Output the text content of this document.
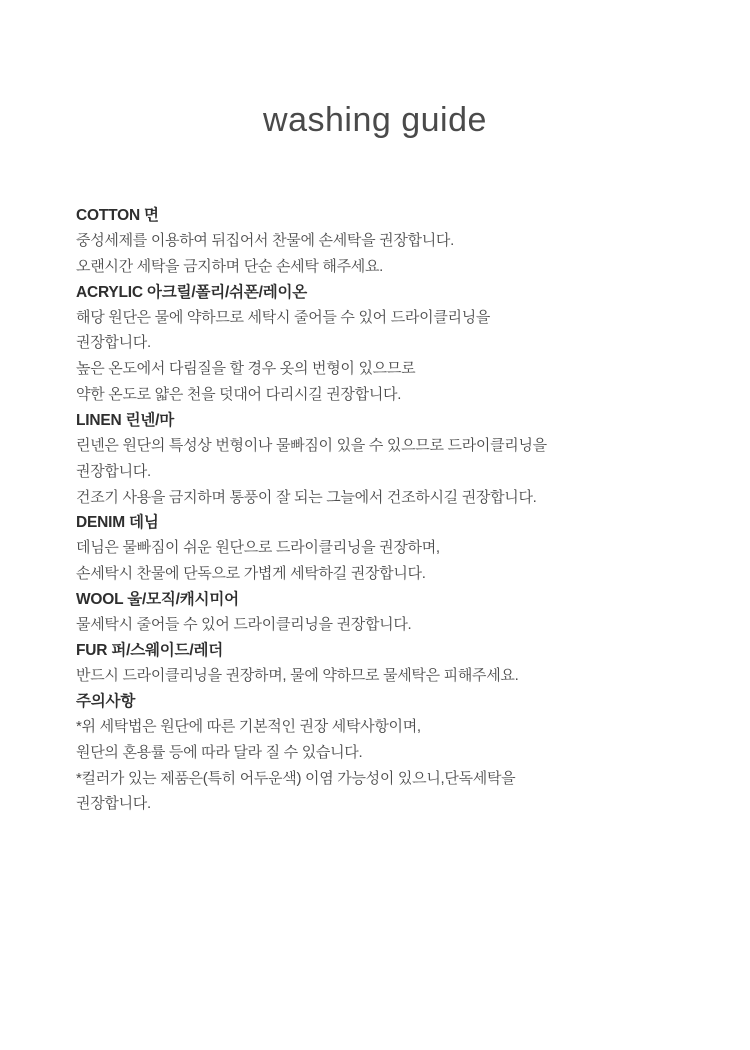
washing guide
COTTON 면
중성세제를 이용하여 뒤집어서 찬물에 손세탁을 권장합니다.
오랜시간 세탁을 금지하며 단순 손세탁 해주세요.
ACRYLIC 아크릴/폴리/쉬폰/레이온
해당 원단은 물에 약하므로 세탁시 줄어들 수 있어 드라이클리닝을
권장합니다.
높은 온도에서 다림질을 할 경우 옷의 번형이 있으므로
약한 온도로 얇은 천을 덧대어 다리시길 권장합니다.
LINEN 린넨/마
린넨은 원단의 특성상 번형이나 물빠짐이 있을 수 있으므로 드라이클리닝을
권장합니다.
건조기 사용을 금지하며 통풍이 잘 되는 그늘에서 건조하시길 권장합니다.
DENIM 데님
데님은 물빠짐이 쉬운 원단으로 드라이클리닝을 권장하며,
손세탁시 찬물에 단독으로 가볍게 세탁하길 권장합니다.
WOOL 울/모직/캐시미어
물세탁시 줄어들 수 있어 드라이클리닝을 권장합니다.
FUR 퍼/스웨이드/레더
반드시 드라이클리닝을 권장하며, 물에 약하므로 물세탁은 피해주세요.
주의사항
*위 세탁법은 원단에 따른 기본적인 권장 세탁사항이며,
원단의 혼용률 등에 따라 달라 질 수 있습니다.
*컬러가 있는 제품은(특히 어두운색) 이염 가능성이 있으니,단독세탁을
권장합니다.
